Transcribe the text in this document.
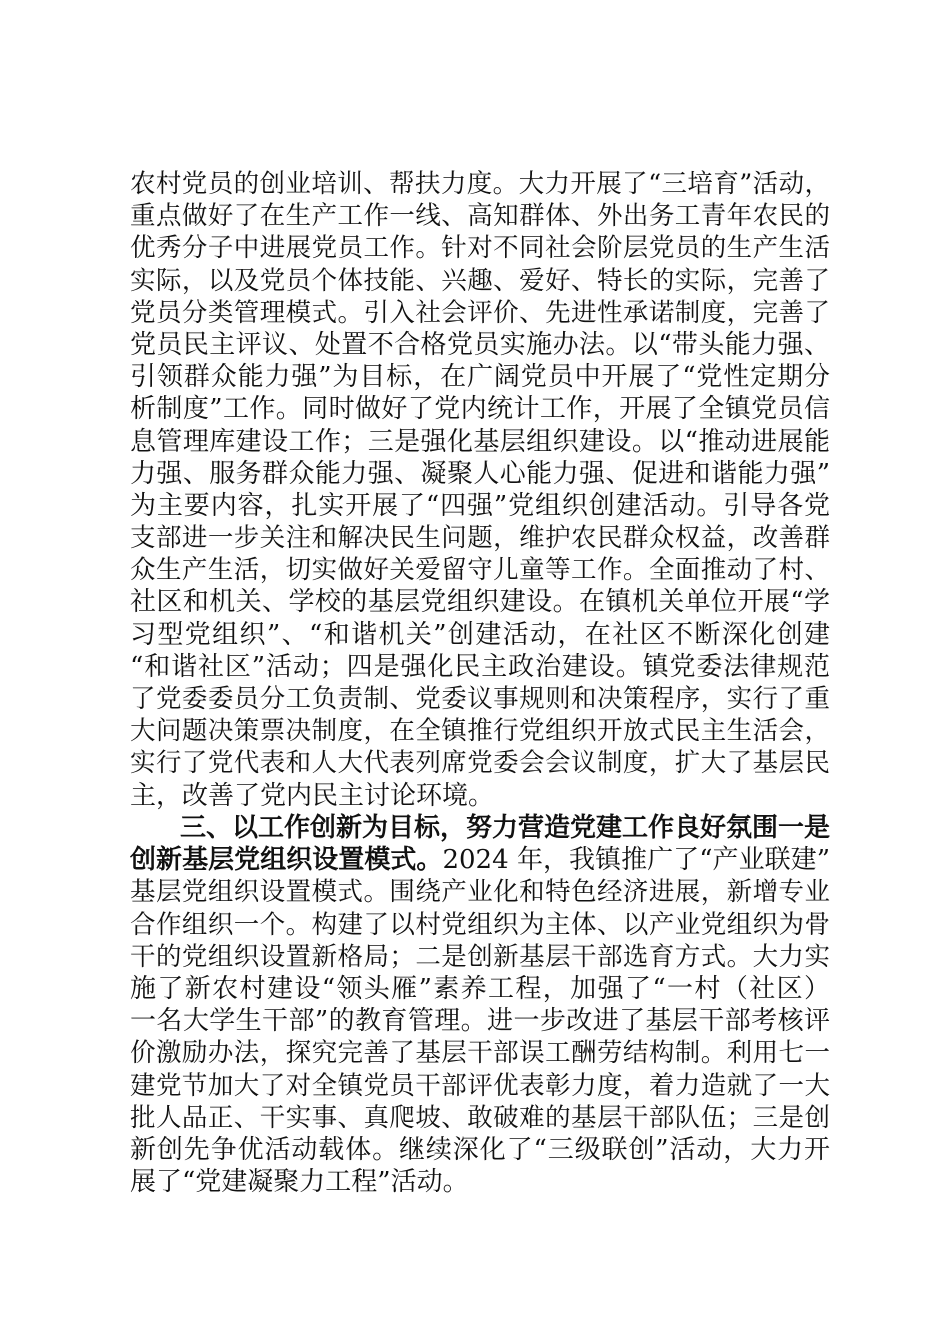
农村党员的创业培训、帮扶力度。大力开展了“三培育”活动，
重点做好了在生产工作一线、高知群体、外出务工青年农民的
优秀分子中进展党员工作。针对不同社会阶层党员的生产生活
实际，以及党员个体技能、兴趣、爱好、特长的实际，完善了
党员分类管理模式。引入社会评价、先进性承诺制度，完善了
党员民主评议、处置不合格党员实施办法。以“带头能力强、
引领群众能力强”为目标，在广阔党员中开展了“党性定期分
析制度”工作。同时做好了党内统计工作，开展了全镇党员信
息管理库建设工作；三是强化基层组织建设。以“推动进展能
力强、服务群众能力强、凝聚人心能力强、促进和谐能力强”
为主要内容，扎实开展了“四强”党组织创建活动。引导各党
支部进一步关注和解决民生问题，维护农民群众权益，改善群
众生产生活，切实做好关爱留守儿童等工作。全面推动了村、
社区和机关、学校的基层党组织建设。在镇机关单位开展“学
习型党组织”、“和谐机关”创建活动，在社区不断深化创建
“和谐社区”活动；四是强化民主政治建设。镇党委法律规范
了党委委员分工负责制、党委议事规则和决策程序，实行了重
大问题决策票决制度，在全镇推行党组织开放式民主生活会，
实行了党代表和人大代表列席党委会会议制度，扩大了基层民
主，改善了党内民主讨论环境。
三、以工作创新为目标，努力营造党建工作良好氛围一是
创新基层党组织设置模式。2024 年，我镇推广了“产业联建”
基层党组织设置模式。围绕产业化和特色经济进展，新增专业
合作组织一个。构建了以村党组织为主体、以产业党组织为骨
干的党组织设置新格局；二是创新基层干部选育方式。大力实
施了新农村建设“领头雁”素养工程，加强了“一村（社区）
一名大学生干部”的教育管理。进一步改进了基层干部考核评
价激励办法，探究完善了基层干部误工酬劳结构制。利用七一
建党节加大了对全镇党员干部评优表彰力度，着力造就了一大
批人品正、干实事、真爬坡、敢破难的基层干部队伍；三是创
新创先争优活动载体。继续深化了“三级联创”活动，大力开
展了“党建凝聚力工程”活动。
